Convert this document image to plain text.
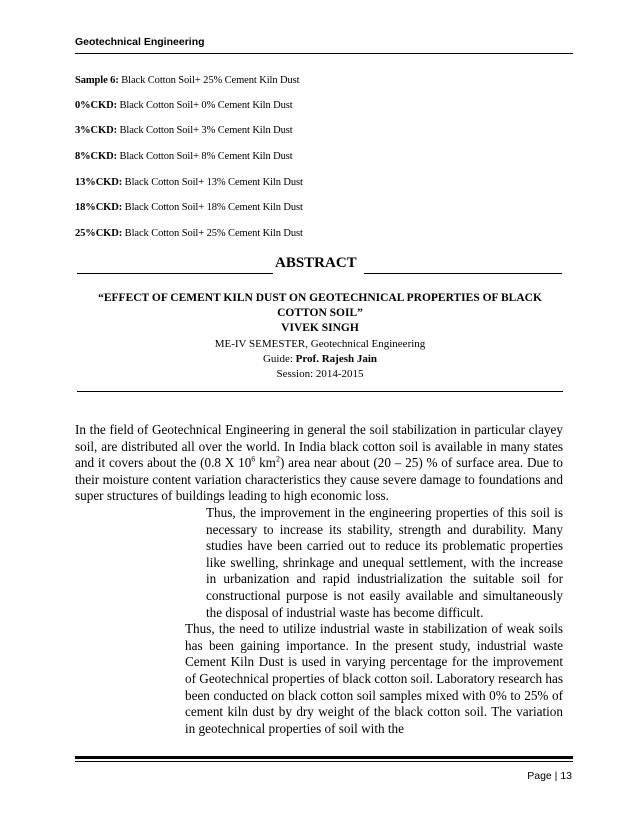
Geotechnical Engineering
Sample 6: Black Cotton Soil+ 25% Cement Kiln Dust
0%CKD: Black Cotton Soil+ 0% Cement Kiln Dust
3%CKD: Black Cotton Soil+ 3% Cement Kiln Dust
8%CKD: Black Cotton Soil+ 8% Cement Kiln Dust
13%CKD: Black Cotton Soil+ 13% Cement Kiln Dust
18%CKD: Black Cotton Soil+ 18% Cement Kiln Dust
25%CKD: Black Cotton Soil+ 25% Cement Kiln Dust
ABSTRACT
“EFFECT OF CEMENT KILN DUST ON GEOTECHNICAL PROPERTIES OF BLACK
COTTON SOIL”
VIVEK SINGH
ME-IV SEMESTER, Geotechnical Engineering
Guide: Prof. Rajesh Jain
Session: 2014-2015

In the field of Geotechnical Engineering in general the soil stabilization in particular clayey soil, are distributed all over the world. In India black cotton soil is available in many states and it covers about the (0.8 X $10^6$ $km^2$) area near about (20 – 25) % of surface area. Due to their moisture content variation characteristics they cause severe damage to foundations and super structures of buildings leading to high economic loss.

Thus, the improvement in the engineering properties of this soil is necessary to increase its stability, strength and durability. Many studies have been carried out to reduce its problematic properties like swelling, shrinkage and unequal settlement, with the increase in urbanization and rapid industrialization the suitable soil for constructional purpose is not easily available and simultaneously the disposal of industrial waste has become difficult.

Thus, the need to utilize industrial waste in stabilization of weak soils has been gaining importance. In the present study, industrial waste Cement Kiln Dust is used in varying percentage for the improvement of Geotechnical properties of black cotton soil. Laboratory research has been conducted on black cotton soil samples mixed with 0% to 25% of cement kiln dust by dry weight of the black cotton soil. The variation in geotechnical properties of soil with the

Page | 13
